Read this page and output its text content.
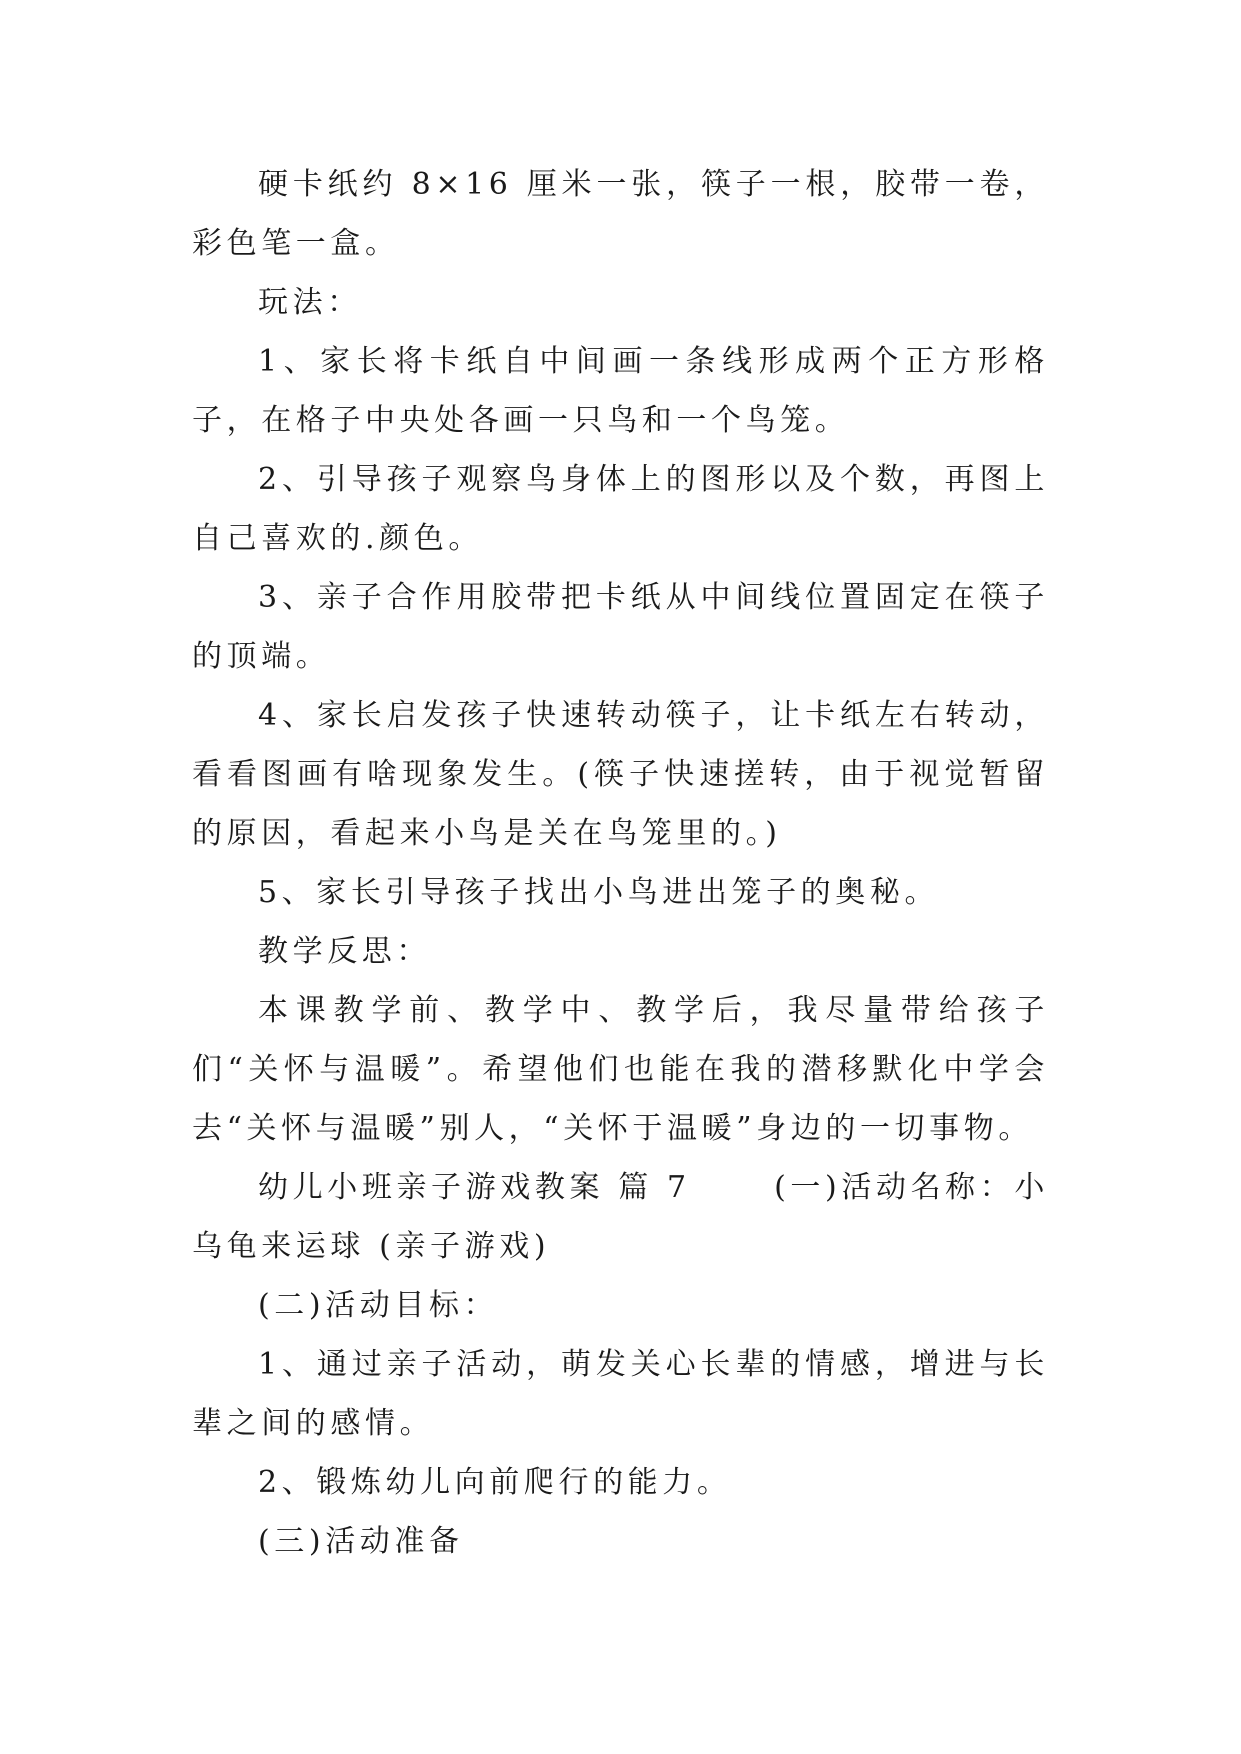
硬卡纸约 8×16 厘米一张，筷子一根，胶带一卷，彩色笔一盒。

玩法：

1、家长将卡纸自中间画一条线形成两个正方形格子，在格子中央处各画一只鸟和一个鸟笼。

2、引导孩子观察鸟身体上的图形以及个数，再图上自己喜欢的.颜色。

3、亲子合作用胶带把卡纸从中间线位置固定在筷子的顶端。

4、家长启发孩子快速转动筷子，让卡纸左右转动，看看图画有啥现象发生。(筷子快速搓转，由于视觉暂留的原因，看起来小鸟是关在鸟笼里的。)

5、家长引导孩子找出小鸟进出笼子的奥秘。

教学反思：

本课教学前、教学中、教学后，我尽量带给孩子们“关怀与温暖”。希望他们也能在我的潜移默化中学会去“关怀与温暖”别人，“关怀于温暖”身边的一切事物。

幼儿小班亲子游戏教案 篇 7　　 (一)活动名称：小乌龟来运球 (亲子游戏)

(二)活动目标：

1、通过亲子活动，萌发关心长辈的情感，增进与长辈之间的感情。

2、锻炼幼儿向前爬行的能力。

(三)活动准备
